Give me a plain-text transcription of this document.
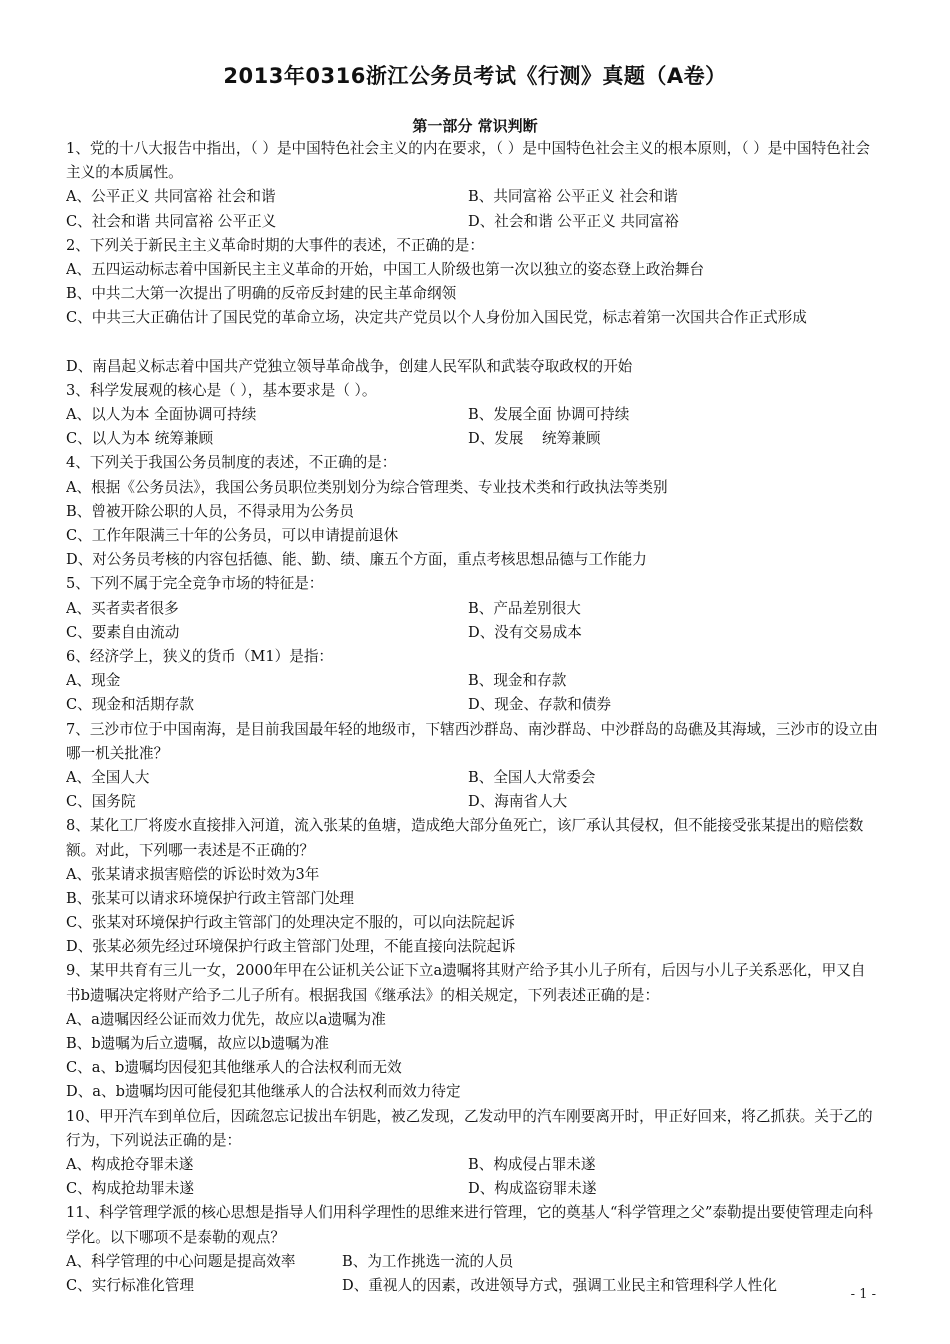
2013年0316浙江公务员考试《行测》真题（A卷）
第一部分 常识判断
1、党的十八大报告中指出，（ ）是中国特色社会主义的内在要求，（ ）是中国特色社会主义的根本原则，（ ）是中国特色社会主义的本质属性。
A、公平正义 共同富裕 社会和谐	B、共同富裕 公平正义 社会和谐
C、社会和谐 共同富裕 公平正义	D、社会和谐 公平正义 共同富裕
2、下列关于新民主主义革命时期的大事件的表述，不正确的是：
A、五四运动标志着中国新民主主义革命的开始，中国工人阶级也第一次以独立的姿态登上政治舞台
B、中共二大第一次提出了明确的反帝反封建的民主革命纲领
C、中共三大正确估计了国民党的革命立场，决定共产党员以个人身份加入国民党，标志着第一次国共合作正式形成
D、南昌起义标志着中国共产党独立领导革命战争，创建人民军队和武装夺取政权的开始
3、科学发展观的核心是（ ），基本要求是（ ）。
A、以人为本 全面协调可持续	B、发展全面 协调可持续
C、以人为本 统筹兼顾	D、发展    统筹兼顾
4、下列关于我国公务员制度的表述，不正确的是：
A、根据《公务员法》，我国公务员职位类别划分为综合管理类、专业技术类和行政执法等类别
B、曾被开除公职的人员，不得录用为公务员
C、工作年限满三十年的公务员，可以申请提前退休
D、对公务员考核的内容包括德、能、勤、绩、廉五个方面，重点考核思想品德与工作能力
5、下列不属于完全竞争市场的特征是：
A、买者卖者很多	B、产品差别很大
C、要素自由流动	D、没有交易成本
6、经济学上，狭义的货币（M1）是指：
A、现金	B、现金和存款
C、现金和活期存款	D、现金、存款和债券
7、三沙市位于中国南海，是目前我国最年轻的地级市，下辖西沙群岛、南沙群岛、中沙群岛的岛礁及其海域，三沙市的设立由哪一机关批准？
A、全国人大	B、全国人大常委会
C、国务院	D、海南省人大
8、某化工厂将废水直接排入河道，流入张某的鱼塘，造成绝大部分鱼死亡，该厂承认其侵权，但不能接受张某提出的赔偿数额。对此，下列哪一表述是不正确的？
A、张某请求损害赔偿的诉讼时效为3年
B、张某可以请求环境保护行政主管部门处理
C、张某对环境保护行政主管部门的处理决定不服的，可以向法院起诉
D、张某必须先经过环境保护行政主管部门处理，不能直接向法院起诉
9、某甲共育有三儿一女，2000年甲在公证机关公证下立a遗嘱将其财产给予其小儿子所有，后因与小儿子关系恶化，甲又自书b遗嘱决定将财产给予二儿子所有。根据我国《继承法》的相关规定，下列表述正确的是：
A、a遗嘱因经公证而效力优先，故应以a遗嘱为准
B、b遗嘱为后立遗嘱，故应以b遗嘱为准
C、a、b遗嘱均因侵犯其他继承人的合法权利而无效
D、a、b遗嘱均因可能侵犯其他继承人的合法权利而效力待定
10、甲开汽车到单位后，因疏忽忘记拔出车钥匙，被乙发现，乙发动甲的汽车刚要离开时，甲正好回来，将乙抓获。关于乙的行为，下列说法正确的是：
A、构成抢夺罪未遂	B、构成侵占罪未遂
C、构成抢劫罪未遂	D、构成盗窃罪未遂
11、科学管理学派的核心思想是指导人们用科学理性的思维来进行管理，它的奠基人“科学管理之父”泰勒提出要使管理走向科学化。以下哪项不是泰勒的观点？
A、科学管理的中心问题是提高效率	B、为工作挑选一流的人员
C、实行标准化管理	D、重视人的因素，改进领导方式，强调工业民主和管理科学人性化
- 1 -
